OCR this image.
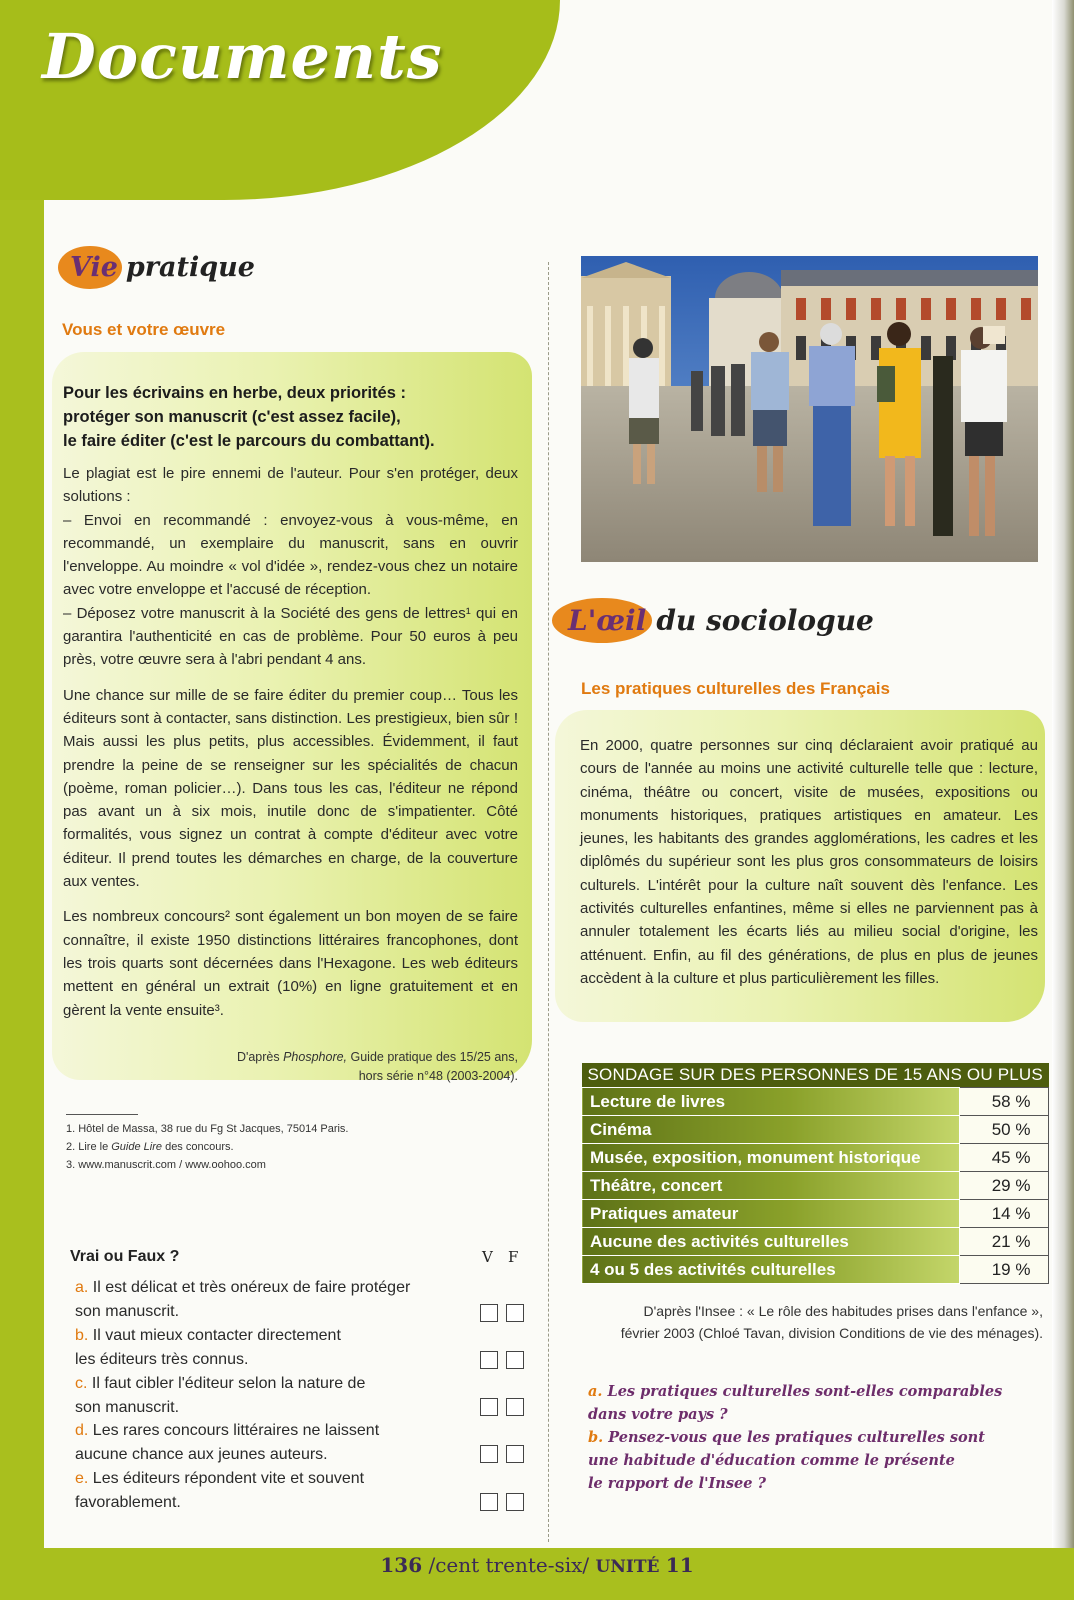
Documents
Vie pratique
Vous et votre œuvre
Pour les écrivains en herbe, deux priorités :
protéger son manuscrit (c'est assez facile),
le faire éditer (c'est le parcours du combattant).

Le plagiat est le pire ennemi de l'auteur. Pour s'en protéger, deux solutions :

– Envoi en recommandé : envoyez-vous à vous-même, en recommandé, un exemplaire du manuscrit, sans en ouvrir l'enveloppe. Au moindre « vol d'idée », rendez-vous chez un notaire avec votre enveloppe et l'accusé de réception.

– Déposez votre manuscrit à la Société des gens de lettres¹ qui en garantira l'authenticité en cas de problème. Pour 50 euros à peu près, votre œuvre sera à l'abri pendant 4 ans.

Une chance sur mille de se faire éditer du premier coup… Tous les éditeurs sont à contacter, sans distinction. Les prestigieux, bien sûr ! Mais aussi les plus petits, plus accessibles. Évidemment, il faut prendre la peine de se renseigner sur les spécialités de chacun (poème, roman policier…). Dans tous les cas, l'éditeur ne répond pas avant un à six mois, inutile donc de s'impatienter. Côté formalités, vous signez un contrat à compte d'éditeur avec votre éditeur. Il prend toutes les démarches en charge, de la couverture aux ventes.

Les nombreux concours² sont également un bon moyen de se faire connaître, il existe 1950 distinctions littéraires francophones, dont les trois quarts sont décernées dans l'Hexagone. Les web éditeurs mettent en général un extrait (10%) en ligne gratuitement et en gèrent la vente ensuite³.

D'après Phosphore, Guide pratique des 15/25 ans,
hors série n°48 (2003-2004).
1. Hôtel de Massa, 38 rue du Fg St Jacques, 75014 Paris.
2. Lire le Guide Lire des concours.
3. www.manuscrit.com / www.oohoo.com
Vrai ou Faux ?	V F
a. Il est délicat et très onéreux de faire protéger
son manuscrit.
b. Il vaut mieux contacter directement
les éditeurs très connus.
c. Il faut cibler l'éditeur selon la nature de
son manuscrit.
d. Les rares concours littéraires ne laissent
aucune chance aux jeunes auteurs.
e. Les éditeurs répondent vite et souvent
favorablement.
L'œil du sociologue
Les pratiques culturelles des Français
En 2000, quatre personnes sur cinq déclaraient avoir pratiqué au cours de l'année au moins une activité culturelle telle que : lecture, cinéma, théâtre ou concert, visite de musées, expositions ou monuments historiques, pratiques artistiques en amateur. Les jeunes, les habitants des grandes agglomérations, les cadres et les diplômés du supérieur sont les plus gros consommateurs de loisirs culturels. L'intérêt pour la culture naît souvent dès l'enfance. Les activités culturelles enfantines, même si elles ne parviennent pas à annuler totalement les écarts liés au milieu social d'origine, les atténuent. Enfin, au fil des générations, de plus en plus de jeunes accèdent à la culture et plus particulièrement les filles.
SONDAGE SUR DES PERSONNES DE 15 ANS OU PLUS	
Lecture de livres	58 %
Cinéma	50 %
Musée, exposition, monument historique	45 %
Théâtre, concert	29 %
Pratiques amateur	14 %
Aucune des activités culturelles	21 %
4 ou 5 des activités culturelles	19 %
D'après l'Insee : « Le rôle des habitudes prises dans l'enfance »,
février 2003 (Chloé Tavan, division Conditions de vie des ménages).

a. Les pratiques culturelles sont-elles comparables
dans votre pays ?

b. Pensez-vous que les pratiques culturelles sont
une habitude d'éducation comme le présente
le rapport de l'Insee ?

136 /cent trente-six/ UNITÉ 11
